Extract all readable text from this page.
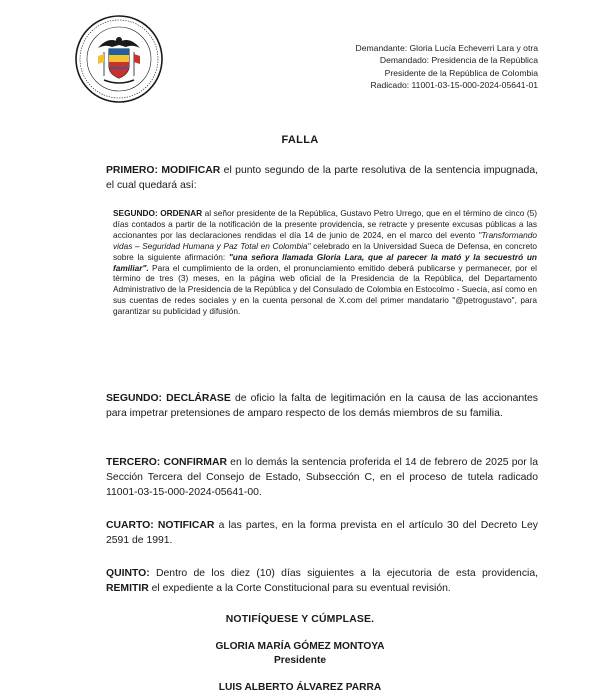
Demandante: Gloria Lucía Echeverri Lara y otra
Demandado: Presidencia de la República
Presidente de la República de Colombia
Radicado: 11001-03-15-000-2024-05641-01
FALLA
PRIMERO: MODIFICAR el punto segundo de la parte resolutiva de la sentencia impugnada, el cual quedará así:
SEGUNDO: ORDENAR al señor presidente de la República, Gustavo Petro Urrego, que en el término de cinco (5) días contados a partir de la notificación de la presente providencia, se retracte y presente excusas públicas a las accionantes por las declaraciones rendidas el día 14 de junio de 2024, en el marco del evento "Transformando vidas – Seguridad Humana y Paz Total en Colombia" celebrado en la Universidad Sueca de Defensa, en concreto sobre la siguiente afirmación: "una señora llamada Gloria Lara, que al parecer la mató y la secuestró un familiar". Para el cumplimiento de la orden, el pronunciamiento emitido deberá publicarse y permanecer, por el término de tres (3) meses, en la página web oficial de la Presidencia de la República, del Departamento Administrativo de la Presidencia de la República y del Consulado de Colombia en Estocolmo - Suecia, así como en sus cuentas de redes sociales y en la cuenta personal de X.com del primer mandatario "@petrogustavo", para garantizar su publicidad y difusión.
SEGUNDO: DECLÁRASE de oficio la falta de legitimación en la causa de las accionantes para impetrar pretensiones de amparo respecto de los demás miembros de su familia.
TERCERO: CONFIRMAR en lo demás la sentencia proferida el 14 de febrero de 2025 por la Sección Tercera del Consejo de Estado, Subsección C, en el proceso de tutela radicado 11001-03-15-000-2024-05641-00.
CUARTO: NOTIFICAR a las partes, en la forma prevista en el artículo 30 del Decreto Ley 2591 de 1991.
QUINTO: Dentro de los diez (10) días siguientes a la ejecutoria de esta providencia, REMITIR el expediente a la Corte Constitucional para su eventual revisión.
NOTIFÍQUESE Y CÚMPLASE.
GLORIA MARÍA GÓMEZ MONTOYA
Presidente
LUIS ALBERTO ÁLVAREZ PARRA
